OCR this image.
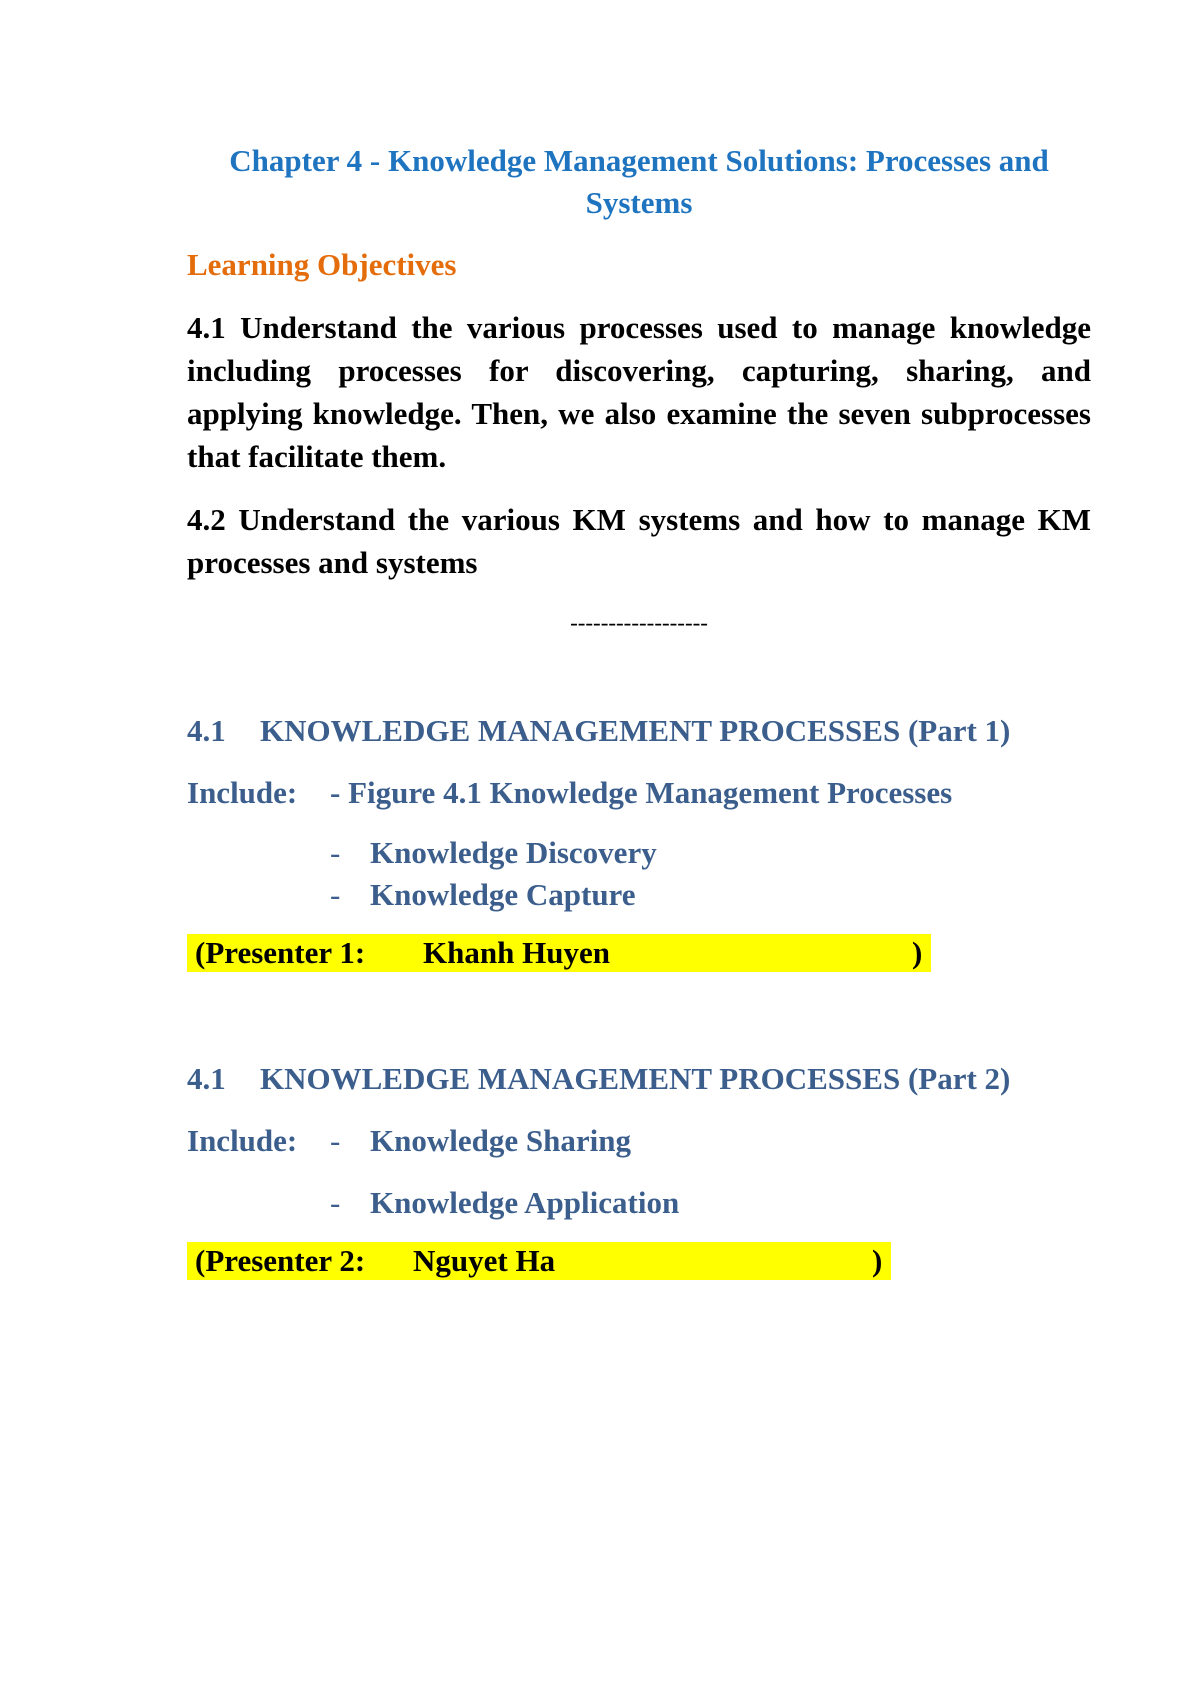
Chapter 4 - Knowledge Management Solutions: Processes and Systems

Learning Objectives

4.1 Understand the various processes used to manage knowledge including processes for discovering, capturing, sharing, and applying knowledge. Then, we also examine the seven subprocesses that facilitate them.

4.2 Understand the various KM systems and how to manage KM processes and systems

------------------

4.1 KNOWLEDGE MANAGEMENT PROCESSES (Part 1)

Include: - Figure 4.1 Knowledge Management Processes

- Knowledge Discovery

- Knowledge Capture

(Presenter 1: Khanh Huyen	)

4.1 KNOWLEDGE MANAGEMENT PROCESSES (Part 2)

Include: - Knowledge Sharing

- Knowledge Application

(Presenter 2: Nguyet Ha	)
